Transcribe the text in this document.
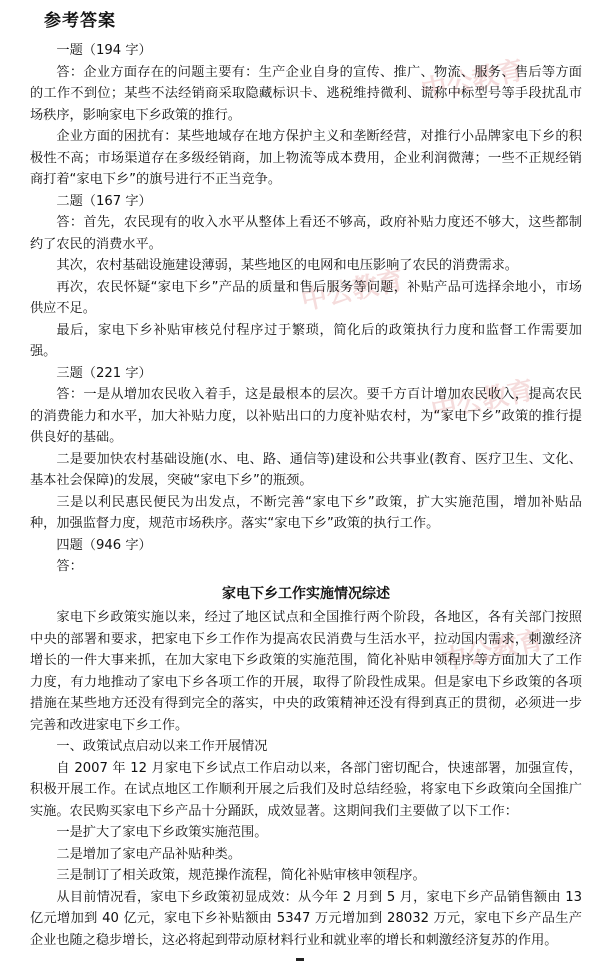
中公教育
中公教育
中公教育
中公教育
参考答案

一题（194 字）

答：企业方面存在的问题主要有：生产企业自身的宣传、推广、物流、服务、售后等方面的工作不到位；某些不法经销商采取隐藏标识卡、逃税维持微利、谎称中标型号等手段扰乱市场秩序，影响家电下乡政策的推行。

企业方面的困扰有：某些地域存在地方保护主义和垄断经营，对推行小品牌家电下乡的积极性不高；市场渠道存在多级经销商，加上物流等成本费用，企业利润微薄；一些不正规经销商打着“家电下乡”的旗号进行不正当竞争。

二题（167 字）

答：首先，农民现有的收入水平从整体上看还不够高，政府补贴力度还不够大，这些都制约了农民的消费水平。

其次，农村基础设施建设薄弱，某些地区的电网和电压影响了农民的消费需求。

再次，农民怀疑“家电下乡”产品的质量和售后服务等问题，补贴产品可选择余地小，市场供应不足。

最后，家电下乡补贴审核兑付程序过于繁琐，简化后的政策执行力度和监督工作需要加强。

三题（221 字）

答：一是从增加农民收入着手，这是最根本的层次。要千方百计增加农民收入，提高农民的消费能力和水平，加大补贴力度，以补贴出口的力度补贴农村，为“家电下乡”政策的推行提供良好的基础。

二是要加快农村基础设施(水、电、路、通信等)建设和公共事业(教育、医疗卫生、文化、基本社会保障)的发展，突破“家电下乡”的瓶颈。

三是以利民惠民便民为出发点，不断完善“家电下乡”政策，扩大实施范围，增加补贴品种，加强监督力度，规范市场秩序。落实“家电下乡”政策的执行工作。

四题（946 字）

答：

家电下乡工作实施情况综述

家电下乡政策实施以来，经过了地区试点和全国推行两个阶段，各地区，各有关部门按照中央的部署和要求，把家电下乡工作作为提高农民消费与生活水平，拉动国内需求，刺激经济增长的一件大事来抓，在加大家电下乡政策的实施范围，简化补贴申领程序等方面加大了工作力度，有力地推动了家电下乡各项工作的开展，取得了阶段性成果。但是家电下乡政策的各项措施在某些地方还没有得到完全的落实，中央的政策精神还没有得到真正的贯彻，必须进一步完善和改进家电下乡工作。

一、政策试点启动以来工作开展情况

自 2007 年 12 月家电下乡试点工作启动以来，各部门密切配合，快速部署，加强宣传，积极开展工作。在试点地区工作顺利开展之后我们及时总结经验，将家电下乡政策向全国推广实施。农民购买家电下乡产品十分踊跃，成效显著。这期间我们主要做了以下工作：

一是扩大了家电下乡政策实施范围。

二是增加了家电产品补贴种类。

三是制订了相关政策，规范操作流程，简化补贴审核申领程序。

从目前情况看，家电下乡政策初显成效：从今年 2 月到 5 月，家电下乡产品销售额由 13 亿元增加到 40 亿元，家电下乡补贴额由 5347 万元增加到 28032 万元，家电下乡产品生产企业也随之稳步增长，这必将起到带动原材料行业和就业率的增长和刺激经济复苏的作用。
